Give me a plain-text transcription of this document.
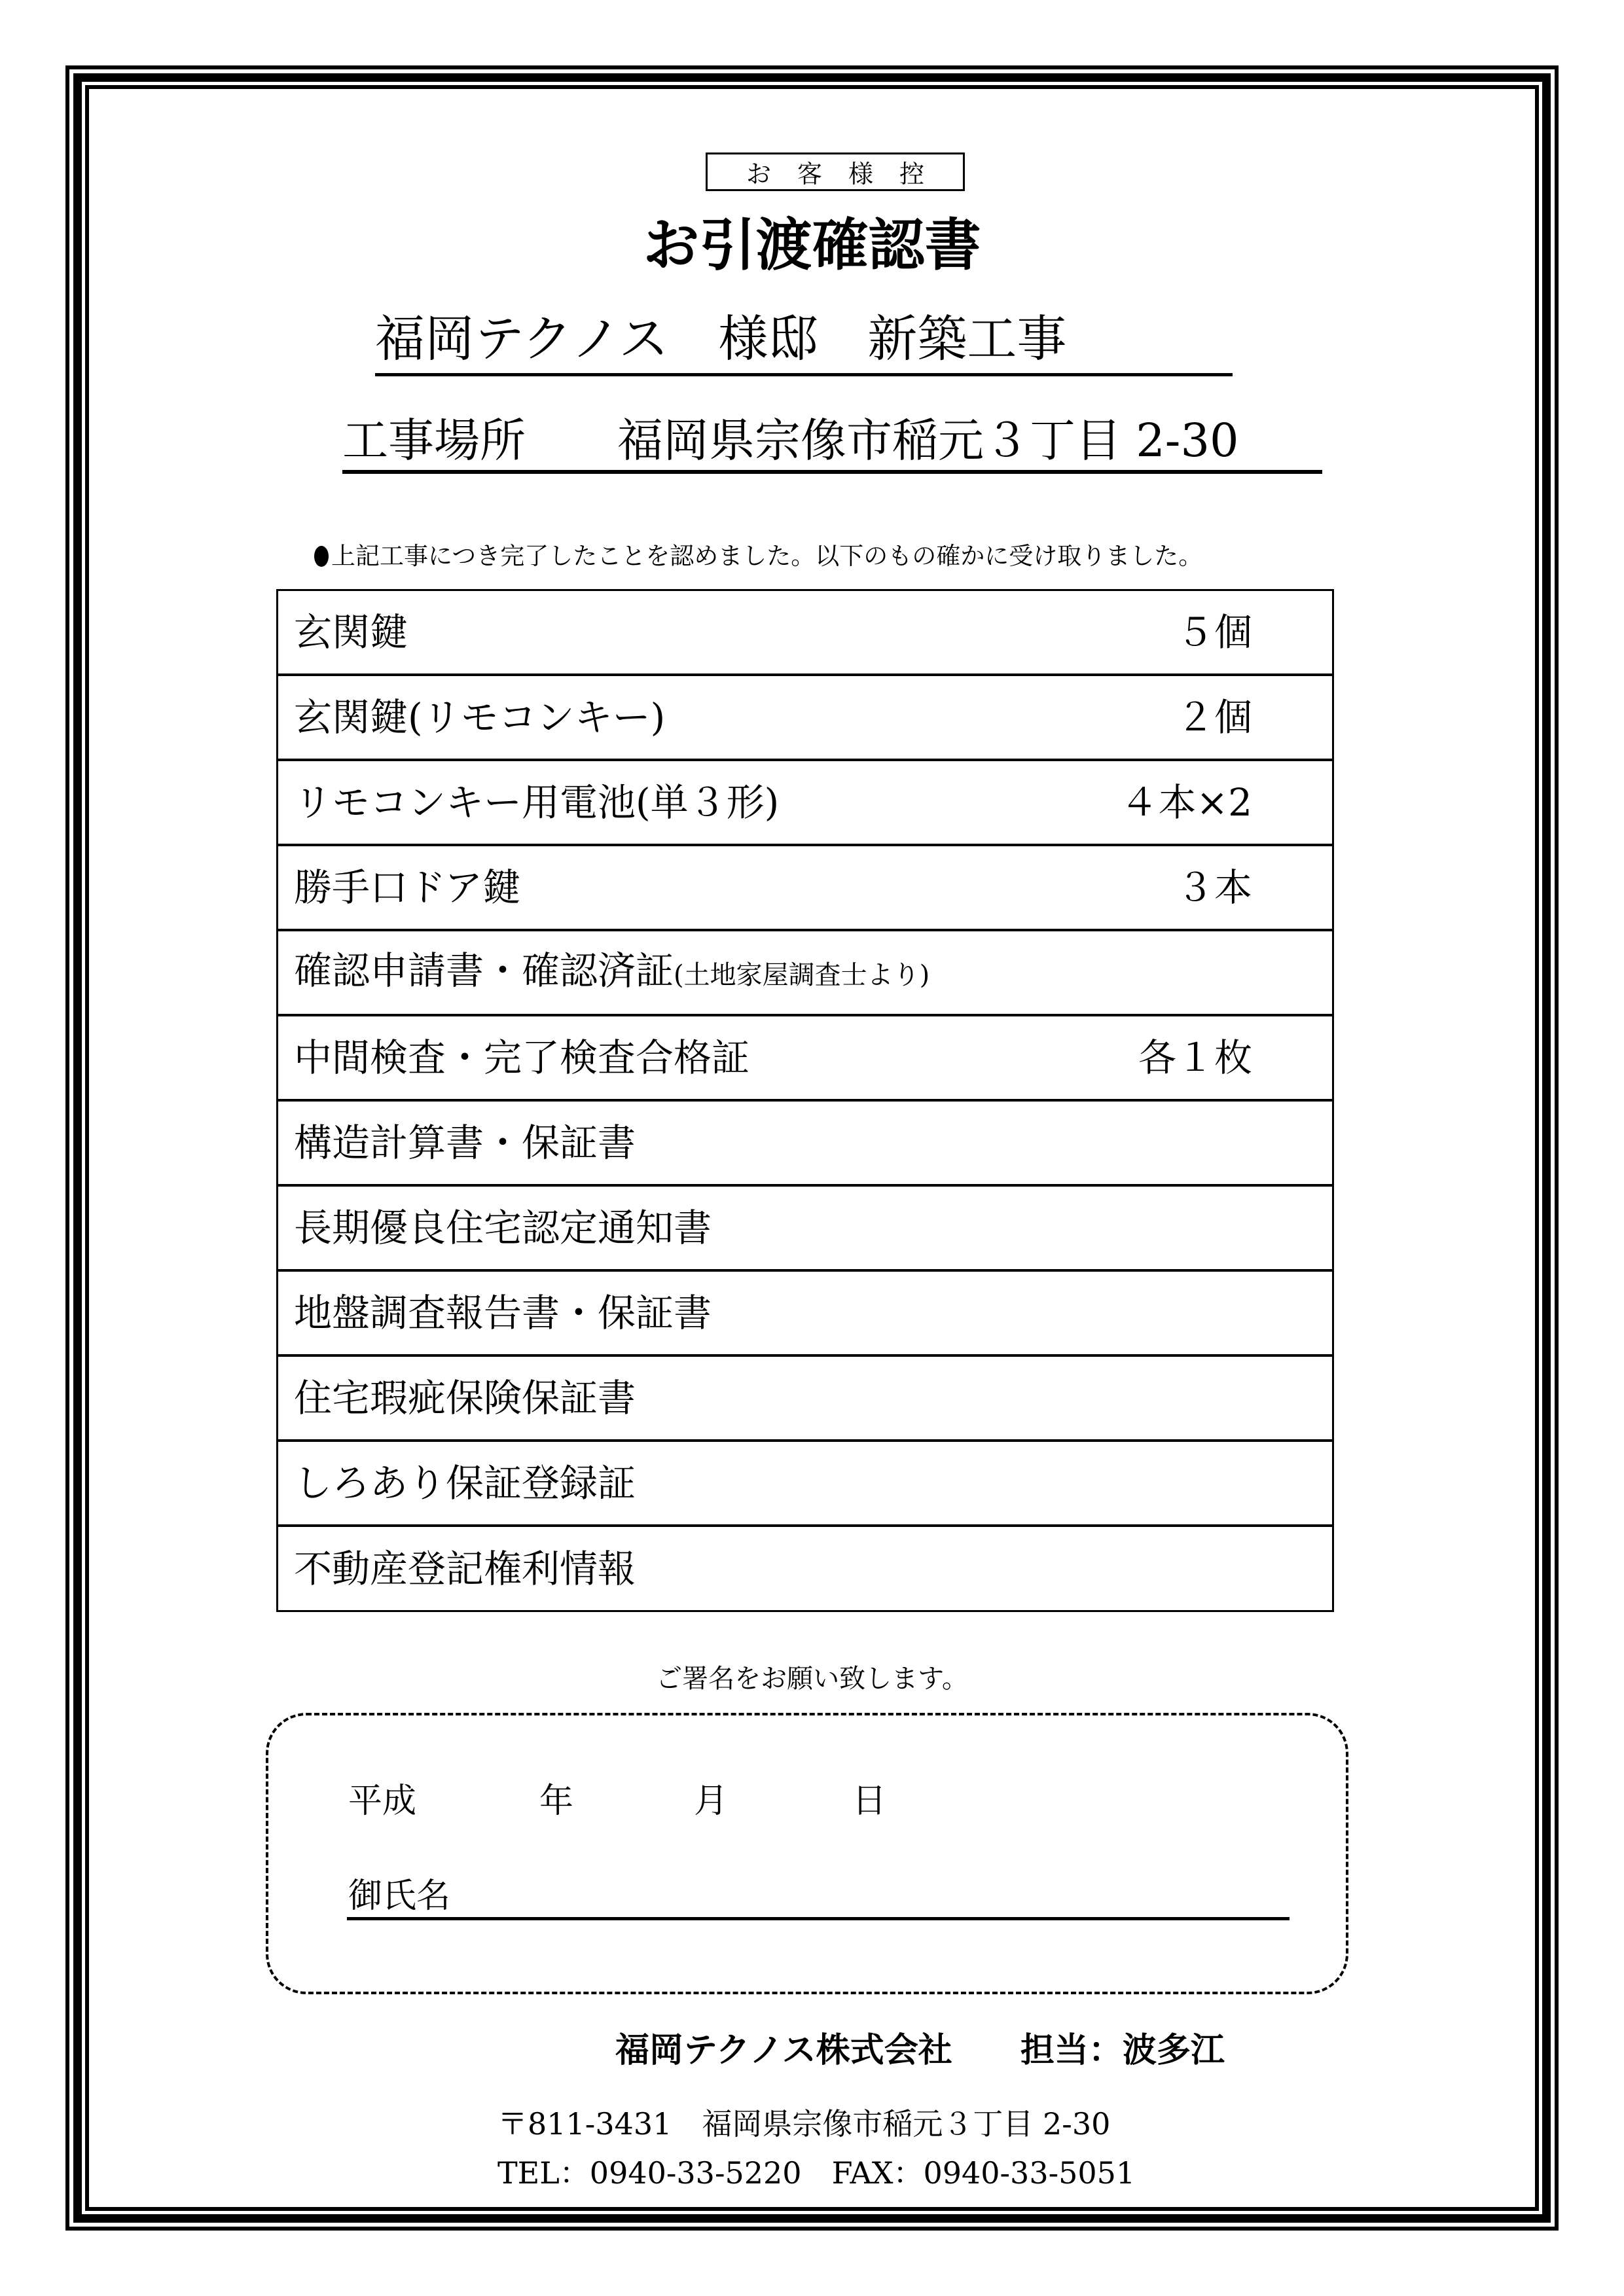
お客様控
お引渡確認書
福岡テクノス　様邸　新築工事
工事場所　　 福岡県宗像市稲元３丁目 2-30
上記工事につき完了したことを認めました。以下のもの確かに受け取りました。
玄関鍵	５個
玄関鍵(リモコンキー)	２個
リモコンキー用電池(単３形)	４本×2
勝手口ドア鍵	３本
確認申請書・確認済証(土地家屋調査士より)
中間検査・完了検査合格証	各１枚
構造計算書・保証書
長期優良住宅認定通知書
地盤調査報告書・保証書
住宅瑕疵保険保証書
しろあり保証登録証
不動産登記権利情報
ご署名をお願い致します。
平成	年	月	日
御氏名
福岡テクノス株式会社　　 担当：波多江
〒811-3431　福岡県宗像市稲元３丁目 2-30
TEL：0940-33-5220　 FAX：0940-33-5051
